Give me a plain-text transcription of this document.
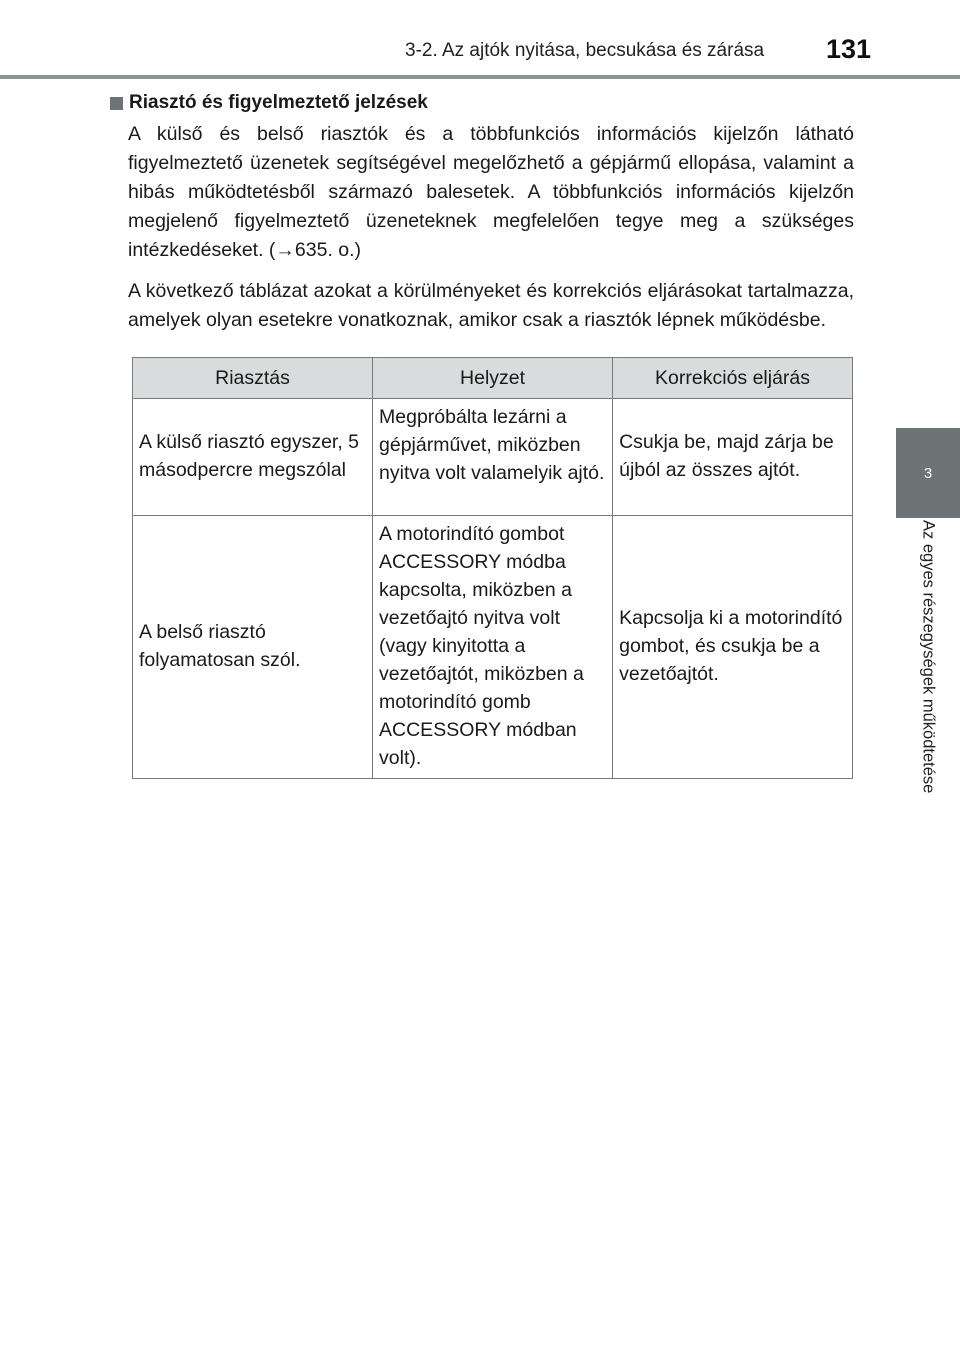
3-2. Az ajtók nyitása, becsukása és zárása	131
3
Az egyes részegységek működtetése
Riasztó és figyelmeztető jelzések

A külső és belső riasztók és a többfunkciós információs kijelzőn látható figyelmeztető üzenetek segítségével megelőzhető a gépjármű ellopása, valamint a hibás működtetésből származó balesetek. A többfunkciós információs kijelzőn megjelenő figyelmeztető üzeneteknek megfelelően tegye meg a szükséges intézkedéseket. (→635. o.)

A következő táblázat azokat a körülményeket és korrekciós eljárásokat tartalmazza, amelyek olyan esetekre vonatkoznak, amikor csak a riasztók lépnek működésbe.

Riasztás	Helyzet	Korrekciós eljárás
A külső riasztó egyszer, 5 másodpercre megszólal	Megpróbálta lezárni a gépjárművet, miközben nyitva volt valamelyik ajtó.	Csukja be, majd zárja be újból az összes ajtót.
A belső riasztó folyamatosan szól.	A motorindító gombot ACCESSORY módba kapcsolta, miközben a vezetőajtó nyitva volt (vagy kinyitotta a vezetőajtót, miközben a motorindító gomb ACCESSORY módban volt).	Kapcsolja ki a motorindító gombot, és csukja be a vezetőajtót.
